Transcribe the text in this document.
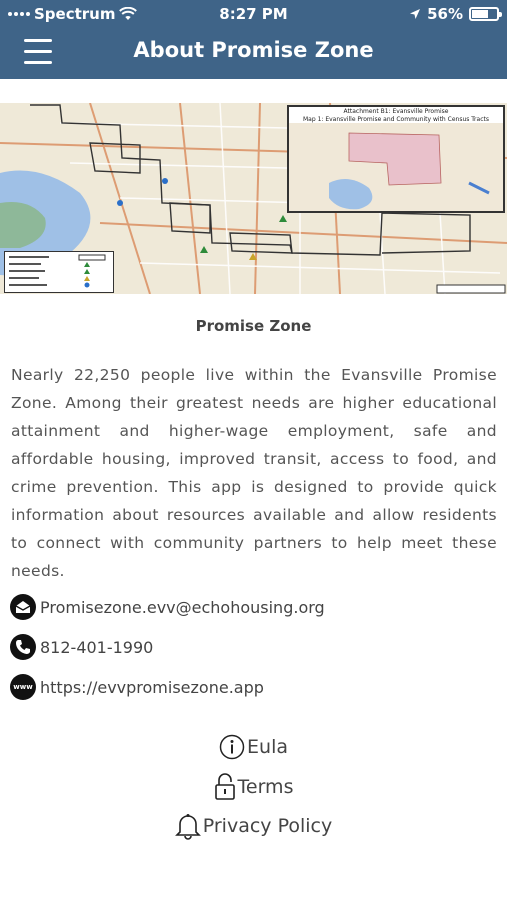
Spectrum	8:27 PM	56%
About Promise Zone
Attachment B1: Evansville Promise
Map 1: Evansville Promise and Community with Census Tracts
Promise Zone

Nearly 22,250 people live within the Evansville Promise Zone. Among their greatest needs are higher educational attainment and higher-wage employment, safe and affordable housing, improved transit, access to food, and crime prevention. This app is designed to provide quick information about resources available and allow residents to connect with community partners to help meet these needs.

Promisezone.evv@echohousing.org
812-401-1990
www https://evvpromisezone.app
Eula
Terms
Privacy Policy
